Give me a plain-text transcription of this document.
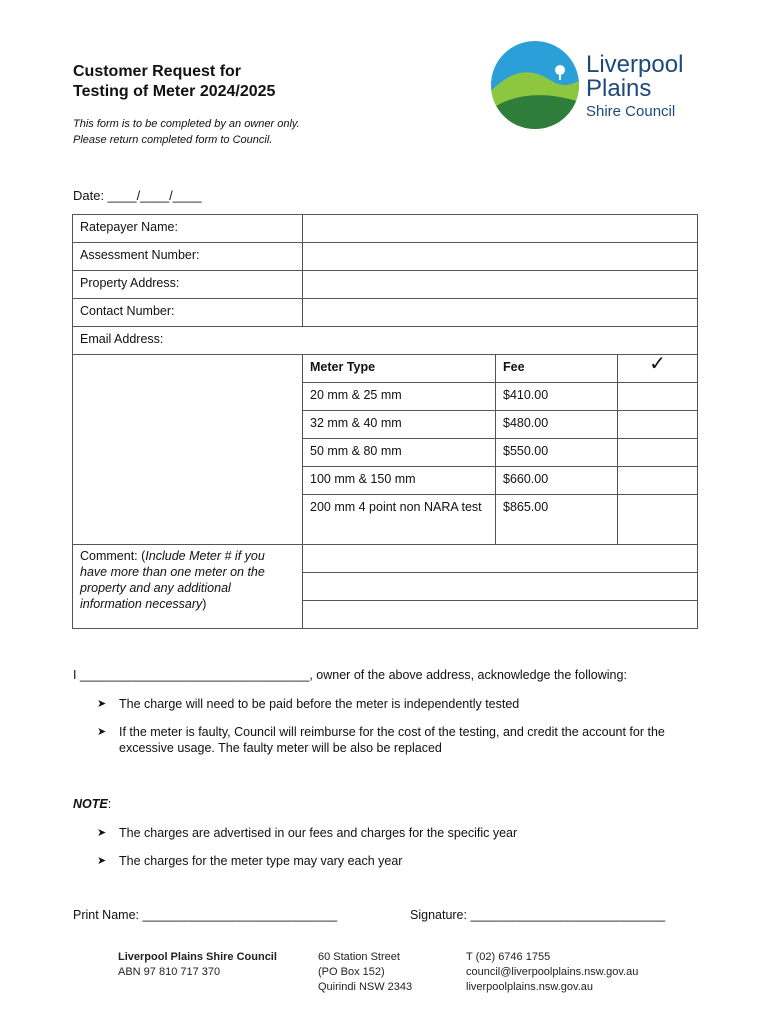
Customer Request for
Testing of Meter 2024/2025
This form is to be completed by an owner only.
Please return completed form to Council.
Liverpool
Plains
Shire Council
Date: ____/____/____
Ratepayer Name:			
Assessment Number:			
Property Address:			
Contact Number:			
Email Address:			
	Meter Type	Fee	✓
	20 mm & 25 mm	$410.00	
	32 mm & 40 mm	$480.00	
	50 mm & 80 mm	$550.00	
	100 mm & 150 mm	$660.00	
	200 mm 4 point non NARA test	$865.00	
Comment: (Include Meter # if you have more than one meter on the property and any additional information necessary)			

I _________________________________, owner of the above address, acknowledge the following:
➤ The charge will need to be paid before the meter is independently tested
➤ If the meter is faulty, Council will reimburse for the cost of the testing, and credit the account for the excessive usage. The faulty meter will be also be replaced
NOTE:
➤ The charges are advertised in our fees and charges for the specific year
➤ The charges for the meter type may vary each year
Print Name: ____________________________	Signature: ____________________________
Liverpool Plains Shire Council
ABN 97 810 717 370
60 Station Street
(PO Box 152)
Quirindi NSW 2343
T (02) 6746 1755
council@liverpoolplains.nsw.gov.au
liverpoolplains.nsw.gov.au
